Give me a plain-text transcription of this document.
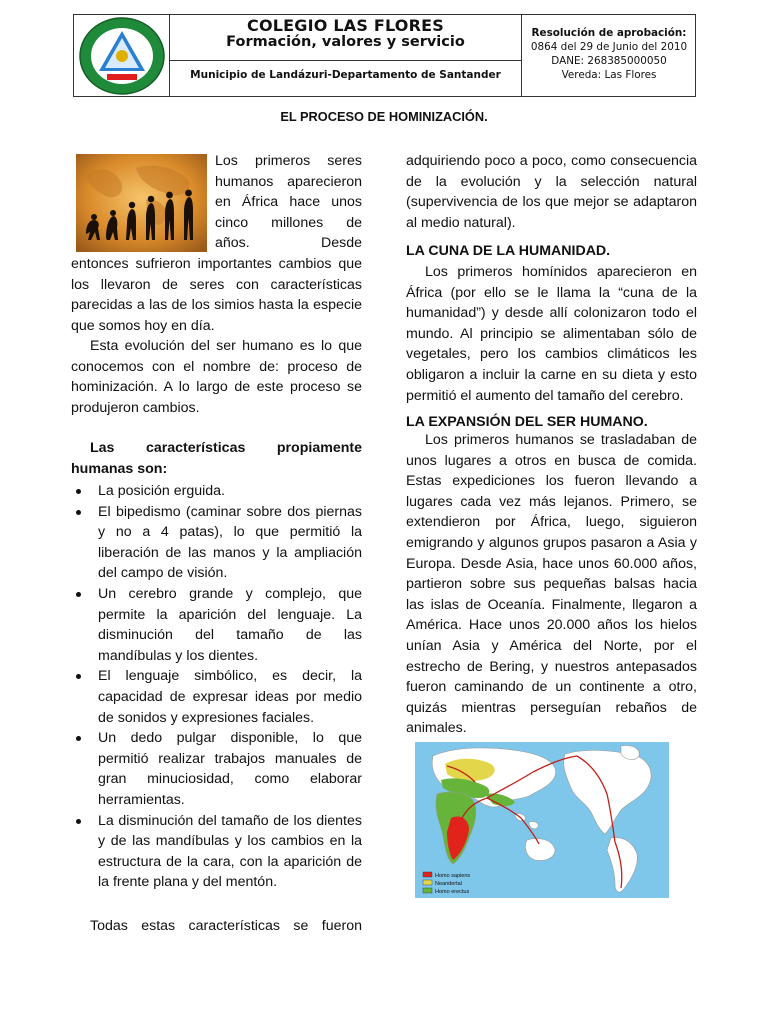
COLEGIO LAS FLORES
Formación, valores y servicio
Municipio de Landázuri-Departamento de Santander
Resolución de aprobación:
0864 del 29 de Junio del 2010
DANE: 268385000050
Vereda: Las Flores
EL PROCESO DE HOMINIZACIÓN.
Los primeros seres
humanos aparecieron
en África hace unos
cinco millones de
años. Desde

entonces sufrieron importantes cambios que los llevaron de seres con características parecidas a las de los simios hasta la especie que somos hoy en día.

Esta evolución del ser humano es lo que conocemos con el nombre de: proceso de hominización. A lo largo de este proceso se produjeron cambios.

Las características propiamente humanas son:

La posición erguida.
El bipedismo (caminar sobre dos piernas y no a 4 patas), lo que permitió la liberación de las manos y la ampliación del campo de visión.
Un cerebro grande y complejo, que permite la aparición del lenguaje. La disminución del tamaño de las mandíbulas y los dientes.
El lenguaje simbólico, es decir, la capacidad de expresar ideas por medio de sonidos y expresiones faciales.
Un dedo pulgar disponible, lo que permitió realizar trabajos manuales de gran minuciosidad, como elaborar herramientas.
La disminución del tamaño de los dientes y de las mandíbulas y los cambios en la estructura de la cara, con la aparición de la frente plana y del mentón.

Todas estas características se fueron

adquiriendo poco a poco, como consecuencia de la evolución y la selección natural (supervivencia de los que mejor se adaptaron al medio natural).

LA CUNA DE LA HUMANIDAD.

Los primeros homínidos aparecieron en África (por ello se le llama la “cuna de la humanidad”) y desde allí colonizaron todo el mundo. Al principio se alimentaban sólo de vegetales, pero los cambios climáticos les obligaron a incluir la carne en su dieta y esto permitió el aumento del tamaño del cerebro.

LA EXPANSIÓN DEL SER HUMANO.

Los primeros humanos se trasladaban de unos lugares a otros en busca de comida. Estas expediciones los fueron llevando a lugares cada vez más lejanos. Primero, se extendieron por África, luego, siguieron emigrando y algunos grupos pasaron a Asia y Europa. Desde Asia, hace unos 60.000 años, partieron sobre sus pequeñas balsas hacia las islas de Oceanía. Finalmente, llegaron a América. Hace unos 20.000 años los hielos unían Asia y América del Norte, por el estrecho de Bering, y nuestros antepasados fueron caminando de un continente a otro, quizás mientras perseguían rebaños de animales.

Homo sapiens
Neandertal
Homo erectus
